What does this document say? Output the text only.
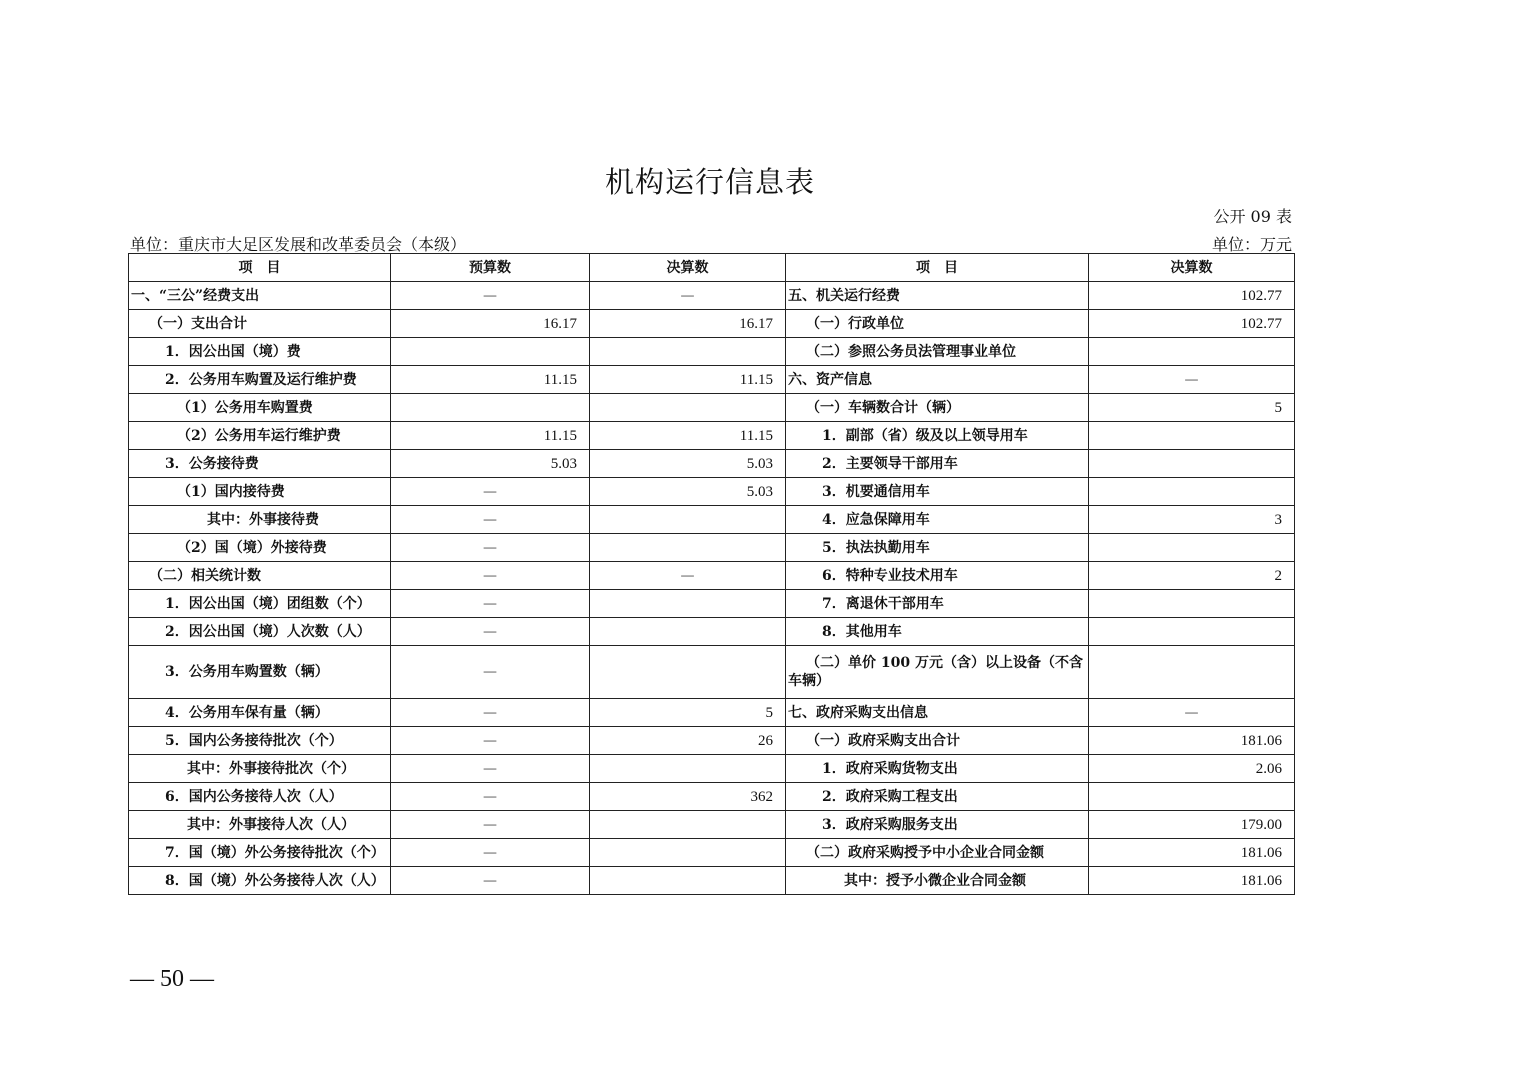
机构运行信息表
公开 09 表
单位：重庆市大足区发展和改革委员会（本级）	单位：万元
项　目	预算数	决算数	项　目	决算数
一、“三公”经费支出	—	—	五、机关运行经费	102.77
（一）支出合计	16.17	16.17	（一）行政单位	102.77
1．因公出国（境）费			（二）参照公务员法管理事业单位	
2．公务用车购置及运行维护费	11.15	11.15	六、资产信息	—
（1）公务用车购置费			（一）车辆数合计（辆）	5
（2）公务用车运行维护费	11.15	11.15	1．副部（省）级及以上领导用车	
3．公务接待费	5.03	5.03	2．主要领导干部用车	
（1）国内接待费	—	5.03	3．机要通信用车	
其中：外事接待费	—		4．应急保障用车	3
（2）国（境）外接待费	—		5．执法执勤用车	
（二）相关统计数	—	—	6．特种专业技术用车	2
1．因公出国（境）团组数（个）	—		7．离退休干部用车	
2．因公出国（境）人次数（人）	—		8．其他用车	
3．公务用车购置数（辆）	—		（二）单价 100 万元（含）以上设备（不含车辆）	
4．公务用车保有量（辆）	—	5	七、政府采购支出信息	—
5．国内公务接待批次（个）	—	26	（一）政府采购支出合计	181.06
其中：外事接待批次（个）	—		1．政府采购货物支出	2.06
6．国内公务接待人次（人）	—	362	2．政府采购工程支出	
其中：外事接待人次（人）	—		3．政府采购服务支出	179.00
7．国（境）外公务接待批次（个）	—		（二）政府采购授予中小企业合同金额	181.06
8．国（境）外公务接待人次（人）	—		其中：授予小微企业合同金额	181.06
— 50 —
